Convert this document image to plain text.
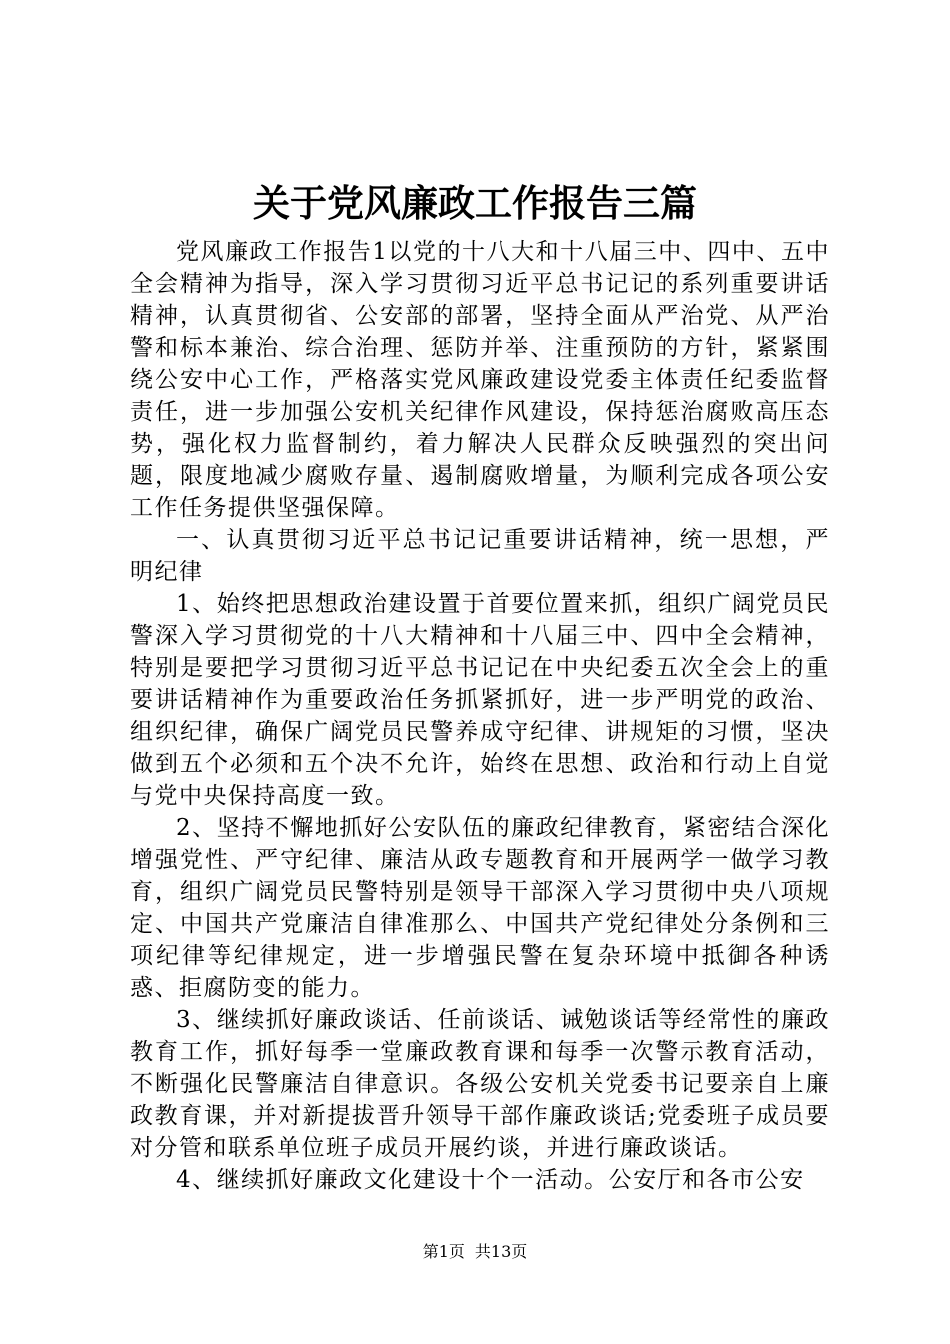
关于党风廉政工作报告三篇

党风廉政工作报告1以党的十八大和十八届三中、四中、五中全会精神为指导，深入学习贯彻习近平总书记记的系列重要讲话精神，认真贯彻省、公安部的部署，坚持全面从严治党、从严治警和标本兼治、综合治理、惩防并举、注重预防的方针，紧紧围绕公安中心工作，严格落实党风廉政建设党委主体责任纪委监督责任，进一步加强公安机关纪律作风建设，保持惩治腐败高压态势，强化权力监督制约，着力解决人民群众反映强烈的突出问题，限度地减少腐败存量、遏制腐败增量，为顺利完成各项公安工作任务提供坚强保障。

一、认真贯彻习近平总书记记重要讲话精神，统一思想，严明纪律

1、始终把思想政治建设置于首要位置来抓，组织广阔党员民警深入学习贯彻党的十八大精神和十八届三中、四中全会精神，特别是要把学习贯彻习近平总书记记在中央纪委五次全会上的重要讲话精神作为重要政治任务抓紧抓好，进一步严明党的政治、组织纪律，确保广阔党员民警养成守纪律、讲规矩的习惯，坚决做到五个必须和五个决不允许，始终在思想、政治和行动上自觉与党中央保持高度一致。

2、坚持不懈地抓好公安队伍的廉政纪律教育，紧密结合深化增强党性、严守纪律、廉洁从政专题教育和开展两学一做学习教育，组织广阔党员民警特别是领导干部深入学习贯彻中央八项规定、中国共产党廉洁自律准那么、中国共产党纪律处分条例和三项纪律等纪律规定，进一步增强民警在复杂环境中抵御各种诱惑、拒腐防变的能力。

3、继续抓好廉政谈话、任前谈话、诫勉谈话等经常性的廉政教育工作，抓好每季一堂廉政教育课和每季一次警示教育活动，不断强化民警廉洁自律意识。各级公安机关党委书记要亲自上廉政教育课，并对新提拔晋升领导干部作廉政谈话;党委班子成员要对分管和联系单位班子成员开展约谈，并进行廉政谈话。

4、继续抓好廉政文化建设十个一活动。公安厅和各市公安

第1页 共13页
